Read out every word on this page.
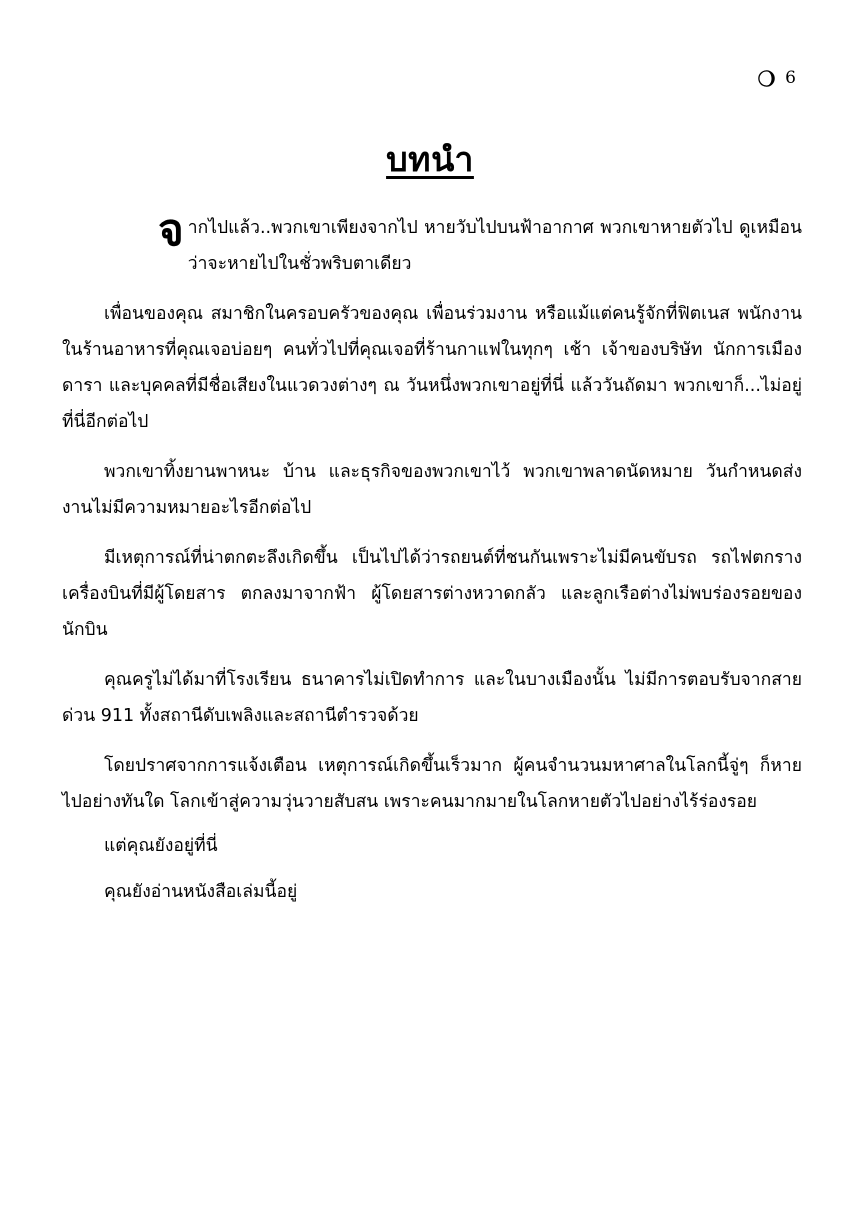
6
บทนำ

จากไปแล้ว..พวกเขาเพียงจากไป หายวับไปบนฟ้าอากาศ พวกเขาหายตัวไป ดูเหมือนว่าจะหายไปในชั่วพริบตาเดียว

เพื่อนของคุณ สมาชิกในครอบครัวของคุณ เพื่อนร่วมงาน หรือแม้แต่คนรู้จักที่ฟิตเนส พนักงานในร้านอาหารที่คุณเจอบ่อยๆ คนทั่วไปที่คุณเจอที่ร้านกาแฟในทุกๆ เช้า เจ้าของบริษัท นักการเมือง ดารา และบุคคลที่มีชื่อเสียงในแวดวงต่างๆ ณ วันหนึ่งพวกเขาอยู่ที่นี่ แล้ววันถัดมา พวกเขาก็...ไม่อยู่ที่นี่อีกต่อไป

พวกเขาทิ้งยานพาหนะ บ้าน และธุรกิจของพวกเขาไว้ พวกเขาพลาดนัดหมาย วันกำหนดส่งงานไม่มีความหมายอะไรอีกต่อไป

มีเหตุการณ์ที่น่าตกตะลึงเกิดขึ้น เป็นไปได้ว่ารถยนต์ที่ชนกันเพราะไม่มีคนขับรถ รถไฟตกราง เครื่องบินที่มีผู้โดยสาร ตกลงมาจากฟ้า ผู้โดยสารต่างหวาดกลัว และลูกเรือต่างไม่พบร่องรอยของนักบิน

คุณครูไม่ได้มาที่โรงเรียน ธนาคารไม่เปิดทำการ และในบางเมืองนั้น ไม่มีการตอบรับจากสายด่วน 911 ทั้งสถานีดับเพลิงและสถานีตำรวจด้วย

โดยปราศจากการแจ้งเตือน เหตุการณ์เกิดขึ้นเร็วมาก ผู้คนจำนวนมหาศาลในโลกนี้จู่ๆ ก็หายไปอย่างทันใด โลกเข้าสู่ความวุ่นวายสับสน เพราะคนมากมายในโลกหายตัวไปอย่างไร้ร่องรอย

แต่คุณยังอยู่ที่นี่

คุณยังอ่านหนังสือเล่มนี้อยู่
